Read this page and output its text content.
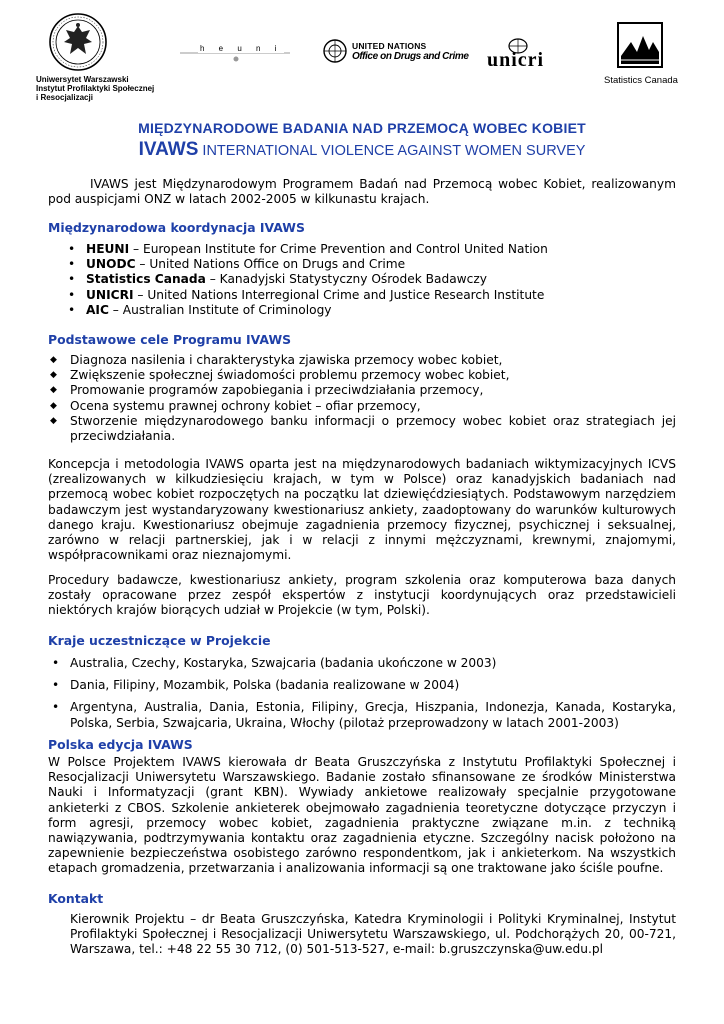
Uniwersytet Warszawski
Instytut Profilaktyki Społecznej
i Resocjalizacji
h e u n i	UNITED NATIONS
Office on Drugs and Crime unicri
Statistics Canada
MIĘDZYNARODOWE BADANIA NAD PRZEMOCĄ WOBEC KOBIET
IVAWS INTERNATIONAL VIOLENCE AGAINST WOMEN SURVEY
IVAWS jest Międzynarodowym Programem Badań nad Przemocą wobec Kobiet, realizowanym pod auspicjami ONZ w latach 2002-2005 w kilkunastu krajach.
Międzynarodowa koordynacja IVAWS
• HEUNI – European Institute for Crime Prevention and Control United Nation
• UNODC – United Nations Office on Drugs and Crime
• Statistics Canada – Kanadyjski Statystyczny Ośrodek Badawczy
• UNICRI – United Nations Interregional Crime and Justice Research Institute
• AIC – Australian Institute of Criminology
Podstawowe cele Programu IVAWS
◆ Diagnoza nasilenia i charakterystyka zjawiska przemocy wobec kobiet,
◆ Zwiększenie społecznej świadomości problemu przemocy wobec kobiet,
◆ Promowanie programów zapobiegania i przeciwdziałania przemocy,
◆ Ocena systemu prawnej ochrony kobiet – ofiar przemocy,
◆ Stworzenie międzynarodowego banku informacji o przemocy wobec kobiet oraz strategiach jej przeciwdziałania.
Koncepcja i metodologia IVAWS oparta jest na międzynarodowych badaniach wiktymizacyjnych ICVS (zrealizowanych w kilkudziesięciu krajach, w tym w Polsce) oraz kanadyjskich badaniach nad przemocą wobec kobiet rozpoczętych na początku lat dziewięćdziesiątych. Podstawowym narzędziem badawczym jest wystandaryzowany kwestionariusz ankiety, zaadoptowany do warunków kulturowych danego kraju. Kwestionariusz obejmuje zagadnienia przemocy fizycznej, psychicznej i seksualnej, zarówno w relacji partnerskiej, jak i w relacji z innymi mężczyznami, krewnymi, znajomymi, współpracownikami oraz nieznajomymi.
Procedury badawcze, kwestionariusz ankiety, program szkolenia oraz komputerowa baza danych zostały opracowane przez zespół ekspertów z instytucji koordynujących oraz przedstawicieli niektórych krajów biorących udział w Projekcie (w tym, Polski).
Kraje uczestniczące w Projekcie
• Australia, Czechy, Kostaryka, Szwajcaria (badania ukończone w 2003)
• Dania, Filipiny, Mozambik, Polska (badania realizowane w 2004)
• Argentyna, Australia, Dania, Estonia, Filipiny, Grecja, Hiszpania, Indonezja, Kanada, Kostaryka, Polska, Serbia, Szwajcaria, Ukraina, Włochy (pilotaż przeprowadzony w latach 2001-2003)
Polska edycja IVAWS
W Polsce Projektem IVAWS kierowała dr Beata Gruszczyńska z Instytutu Profilaktyki Społecznej i Resocjalizacji Uniwersytetu Warszawskiego. Badanie zostało sfinansowane ze środków Ministerstwa Nauki i Informatyzacji (grant KBN). Wywiady ankietowe realizowały specjalnie przygotowane ankieterki z CBOS. Szkolenie ankieterek obejmowało zagadnienia teoretyczne dotyczące przyczyn i form agresji, przemocy wobec kobiet, zagadnienia praktyczne związane m.in. z techniką nawiązywania, podtrzymywania kontaktu oraz zagadnienia etyczne. Szczególny nacisk położono na zapewnienie bezpieczeństwa osobistego zarówno respondentkom, jak i ankieterkom. Na wszystkich etapach gromadzenia, przetwarzania i analizowania informacji są one traktowane jako ściśle poufne.
Kontakt
Kierownik Projektu – dr Beata Gruszczyńska, Katedra Kryminologii i Polityki Kryminalnej, Instytut Profilaktyki Społecznej i Resocjalizacji Uniwersytetu Warszawskiego, ul. Podchorążych 20, 00-721, Warszawa, tel.: +48 22 55 30 712, (0) 501-513-527, e-mail: b.gruszczynska@uw.edu.pl
